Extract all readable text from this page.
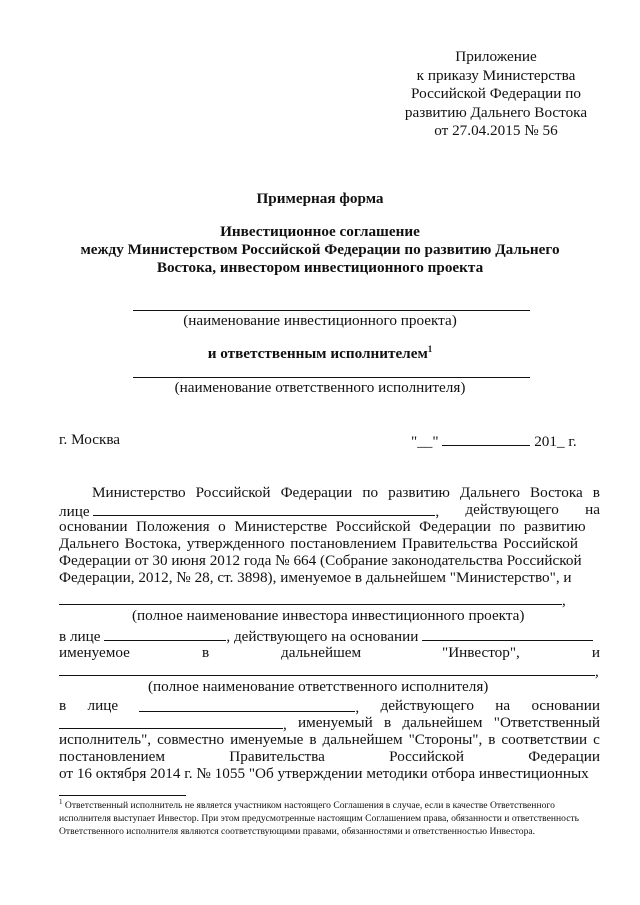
Приложение
к приказу Министерства
Российской Федерации по
развитию Дальнего Востока
от 27.04.2015 № 56
Примерная форма
Инвестиционное соглашение
между Министерством Российской Федерации по развитию Дальнего
Востока, инвестором инвестиционного проекта
(наименование инвестиционного проекта)
и ответственным исполнителем$^1$
(наименование ответственного исполнителя)
г. Москва	"__"	201_ г.
Министерство Российской Федерации по развитию Дальнего Востока в
лице	, действующего на
основании Положения о Министерстве Российской Федерации по развитию
Дальнего Востока, утвержденного постановлением Правительства Российской
Федерации от 30 июня 2012 года № 664 (Собрание законодательства Российской
Федерации, 2012, № 28, ст. 3898), именуемое в дальнейшем "Министерство", и
,
(полное наименование инвестора инвестиционного проекта)
в лице	, действующего на основании
именуемое	в	дальнейшем	"Инвестор",	и
,
(полное наименование ответственного исполнителя)
в лице	, действующего на основании
, именуемый в дальнейшем "Ответственный
исполнитель", совместно именуемые в дальнейшем "Стороны", в соответствии с
постановлением	Правительства	Российской	Федерации
от 16 октября 2014 г. № 1055 "Об утверждении методики отбора инвестиционных
$^1$ Ответственный исполнитель не является участником настоящего Соглашения в случае, если в качестве Ответственного
исполнителя выступает Инвестор. При этом предусмотренные настоящим Соглашением права, обязанности и ответственность
Ответственного исполнителя являются соответствующими правами, обязанностями и ответственностью Инвестора.
